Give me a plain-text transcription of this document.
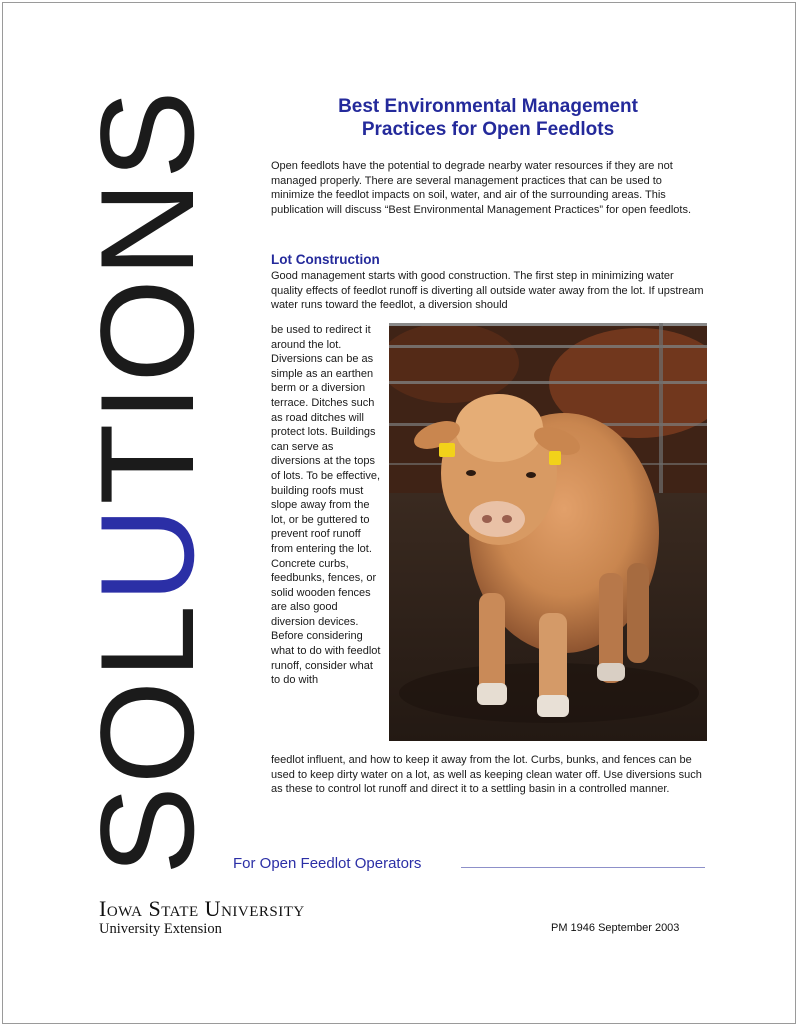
SOLUTIONS	Best Environmental Management
Practices for Open Feedlots

Open feedlots have the potential to degrade nearby water resources if they are not managed properly. There are several management practices that can be used to minimize the feedlot impacts on soil, water, and air of the surrounding areas. This publication will discuss “Best Environmental Management Practices” for open feedlots.

Lot Construction

Good management starts with good construction. The first step in minimizing water quality effects of feedlot runoff is diverting all outside water away from the lot. If upstream water runs toward the feedlot, a diversion should

be used to redirect it around the lot. Diversions can be as simple as an earthen berm or a diversion terrace. Ditches such as road ditches will protect lots. Buildings can serve as diversions at the tops of lots. To be effective, building roofs must slope away from the lot, or be guttered to prevent roof runoff from entering the lot. Concrete curbs, feedbunks, fences, or solid wooden fences are also good diversion devices. Before considering what to do with feedlot runoff, consider what to do with

feedlot influent, and how to keep it away from the lot. Curbs, bunks, and fences can be used to keep dirty water on a lot, as well as keeping clean water off. Use diversions such as these to control lot runoff and direct it to a settling basin in a controlled manner.

For Open Feedlot Operators

Iowa State University

University Extension	PM 1946 September 2003
